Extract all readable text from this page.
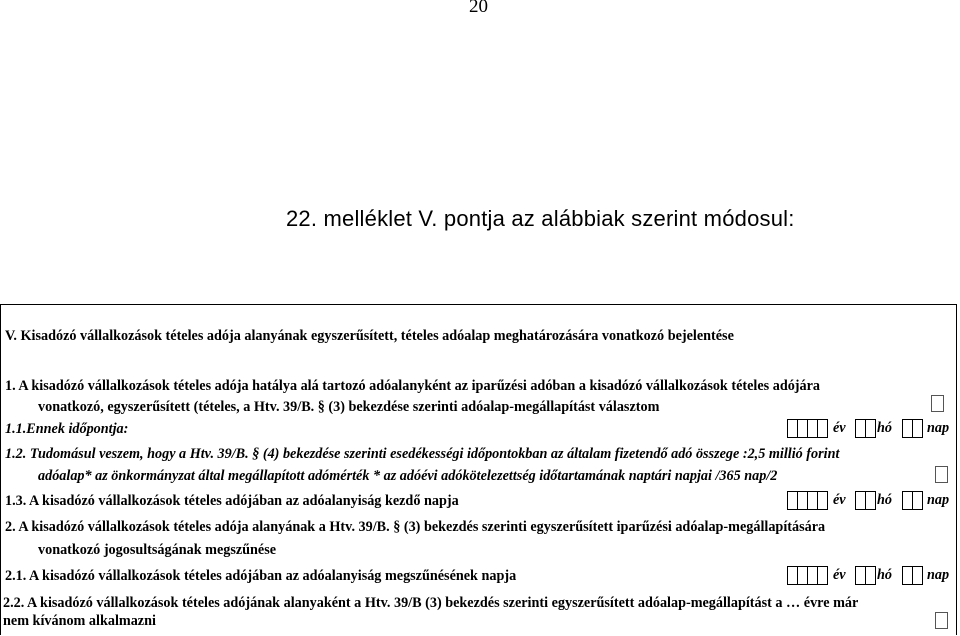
20
22. melléklet V. pontja az alábbiak szerint módosul:
V. Kisadózó vállalkozások tételes adója alanyának egyszerűsített, tételes adóalap meghatározására vonatkozó bejelentése
1. A kisadózó vállalkozások tételes adója hatálya alá tartozó adóalanyként az iparűzési adóban a kisadózó vállalkozások tételes adójára
vonatkozó, egyszerűsített (tételes, a Htv. 39/B. § (3) bekezdése szerinti adóalap-megállapítást választom
1.1.Ennek időpontja:	év hó nap
1.2. Tudomásul veszem, hogy a Htv. 39/B. § (4) bekezdése szerinti esedékességi időpontokban az általam fizetendő adó összege :2,5 millió forint
adóalap* az önkormányzat által megállapított adómérték * az adóévi adókötelezettség időtartamának naptári napjai /365 nap/2
1.3. A kisadózó vállalkozások tételes adójában az adóalanyiság kezdő napja	év hó nap
2. A kisadózó vállalkozások tételes adója alanyának a Htv. 39/B. § (3) bekezdés szerinti egyszerűsített iparűzési adóalap-megállapítására
vonatkozó jogosultságának megszűnése
2.1. A kisadózó vállalkozások tételes adójában az adóalanyiság megszűnésének napja	év hó nap
2.2. A kisadózó vállalkozások tételes adójának alanyaként a Htv. 39/B (3) bekezdés szerinti egyszerűsített adóalap-megállapítást a … évre már
nem kívánom alkalmazni
